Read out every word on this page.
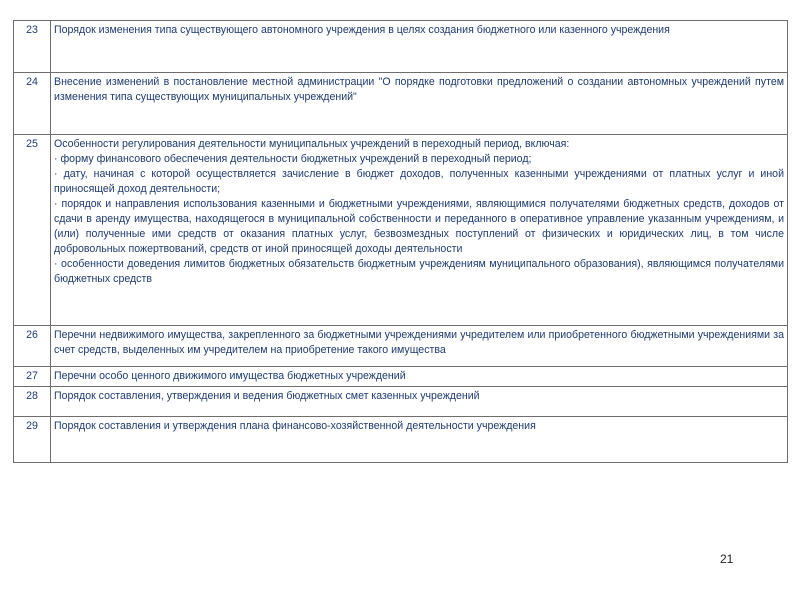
23	Порядок изменения типа существующего автономного учреждения в целях создания бюджетного или казенного учреждения
24	Внесение изменений в постановление местной администрации "О порядке подготовки предложений о создании автономных учреждений путем изменения типа существующих муниципальных учреждений"
25	Особенности регулирования деятельности муниципальных учреждений в переходный период, включая:
· форму финансового обеспечения деятельности бюджетных учреждений в переходный период;
· дату, начиная с которой осуществляется зачисление в бюджет доходов, полученных казенными учреждениями от платных услуг и иной приносящей доход деятельности;
· порядок и направления использования казенными и бюджетными учреждениями, являющимися получателями бюджетных средств, доходов от сдачи в аренду имущества, находящегося в муниципальной собственности и переданного в оперативное управление указанным учреждениям, и (или) полученные ими средств от оказания платных услуг, безвозмездных поступлений от физических и юридических лиц, в том числе добровольных пожертвований, средств от иной приносящей доходы деятельности
· особенности доведения лимитов бюджетных обязательств бюджетным учреждениям муниципального образования), являющимся получателями бюджетных средств

26	Перечни недвижимого имущества, закрепленного за бюджетными учреждениями учредителем или приобретенного бюджетными учреждениями за счет средств, выделенных им учредителем на приобретение такого имущества
27	Перечни особо ценного движимого имущества бюджетных учреждений
28	Порядок составления, утверждения и ведения бюджетных смет казенных учреждений
29	Порядок составления и утверждения плана финансово-хозяйственной деятельности учреждения
21
